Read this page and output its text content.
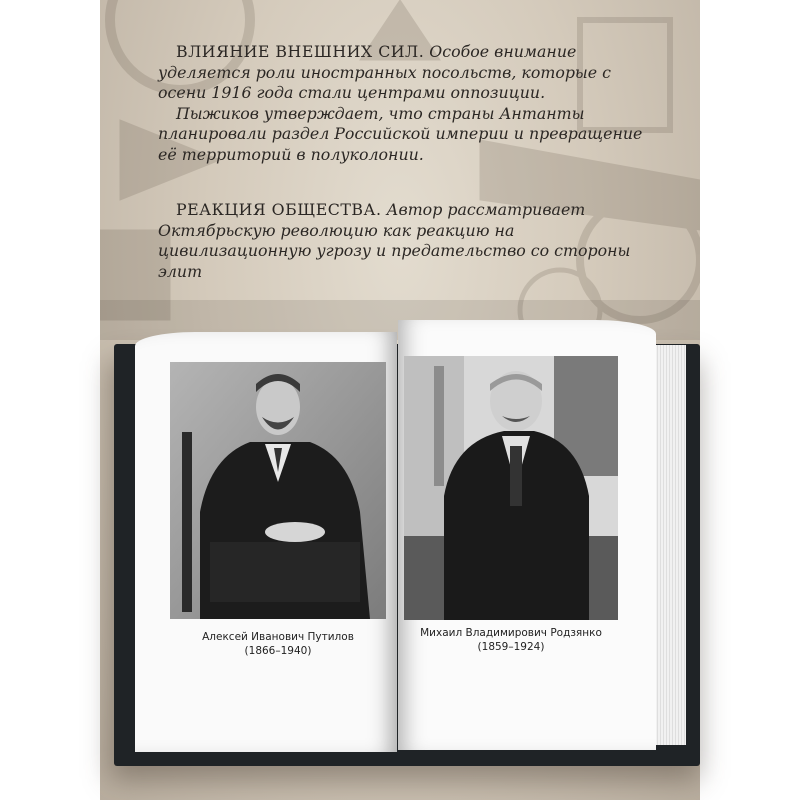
ВЛИЯНИЕ ВНЕШНИХ СИЛ. Особое внимание уделяется роли иностранных посольств, которые с осени 1916 года стали центрами оппозиции.

Пыжиков утверждает, что страны Антанты планировали раздел Российской империи и превращение её территорий в полуколонии.

РЕАКЦИЯ ОБЩЕСТВА. Автор рассматривает Октябрьскую революцию как реакцию на цивилизационную угрозу и предательство со стороны элит

Алексей Иванович Путилов
(1866–1940)
Михаил Владимирович Родзянко
(1859–1924)
